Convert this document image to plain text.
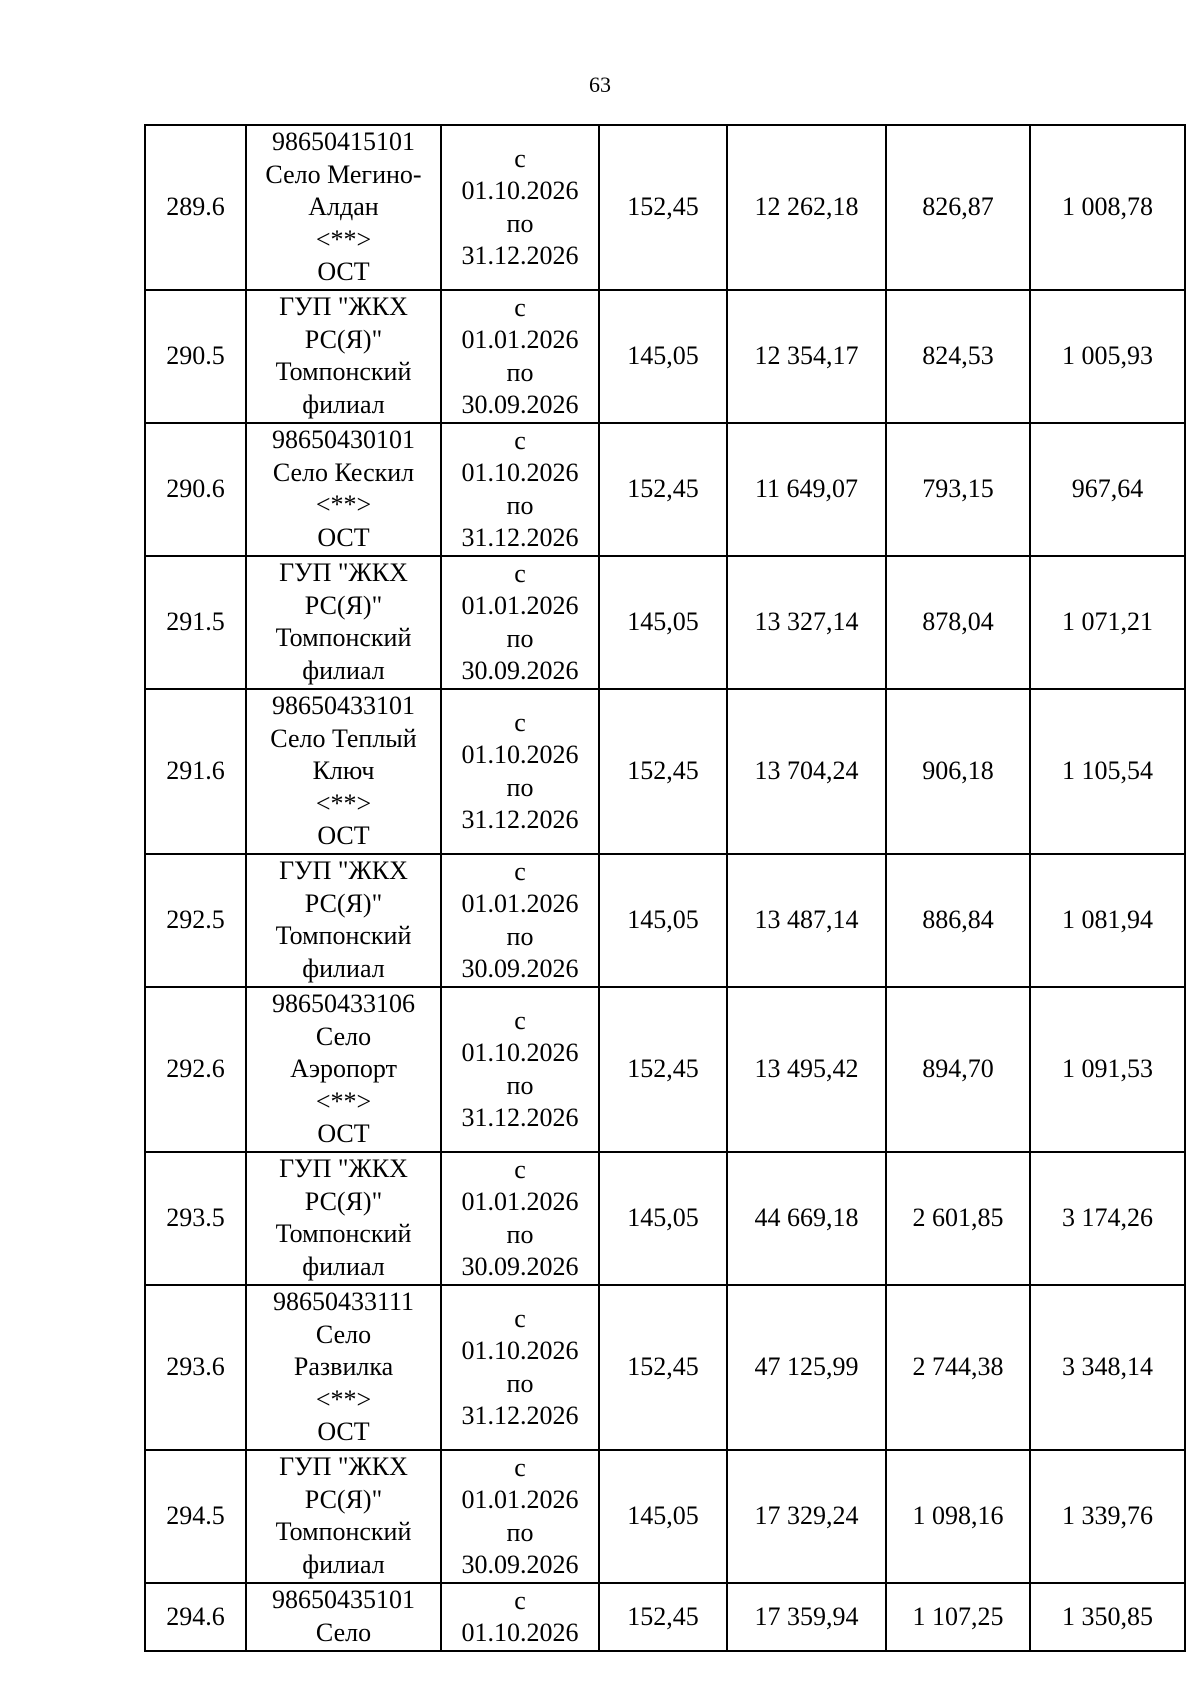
63
289.6	98650415101
Село Мегино-
Алдан
<**>
ОСТ	с
01.10.2026
по
31.12.2026	152,45	12 262,18	826,87	1 008,78
290.5	ГУП "ЖКХ
РС(Я)"
Томпонский
филиал	с
01.01.2026
по
30.09.2026	145,05	12 354,17	824,53	1 005,93
290.6	98650430101
Село Кескил
<**>
ОСТ	с
01.10.2026
по
31.12.2026	152,45	11 649,07	793,15	967,64
291.5	ГУП "ЖКХ
РС(Я)"
Томпонский
филиал	с
01.01.2026
по
30.09.2026	145,05	13 327,14	878,04	1 071,21
291.6	98650433101
Село Теплый
Ключ
<**>
ОСТ	с
01.10.2026
по
31.12.2026	152,45	13 704,24	906,18	1 105,54
292.5	ГУП "ЖКХ
РС(Я)"
Томпонский
филиал	с
01.01.2026
по
30.09.2026	145,05	13 487,14	886,84	1 081,94
292.6	98650433106
Село
Аэропорт
<**>
ОСТ	с
01.10.2026
по
31.12.2026	152,45	13 495,42	894,70	1 091,53
293.5	ГУП "ЖКХ
РС(Я)"
Томпонский
филиал	с
01.01.2026
по
30.09.2026	145,05	44 669,18	2 601,85	3 174,26
293.6	98650433111
Село
Развилка
<**>
ОСТ	с
01.10.2026
по
31.12.2026	152,45	47 125,99	2 744,38	3 348,14
294.5	ГУП "ЖКХ
РС(Я)"
Томпонский
филиал	с
01.01.2026
по
30.09.2026	145,05	17 329,24	1 098,16	1 339,76
294.6	98650435101
Село	с
01.10.2026	152,45	17 359,94	1 107,25	1 350,85
